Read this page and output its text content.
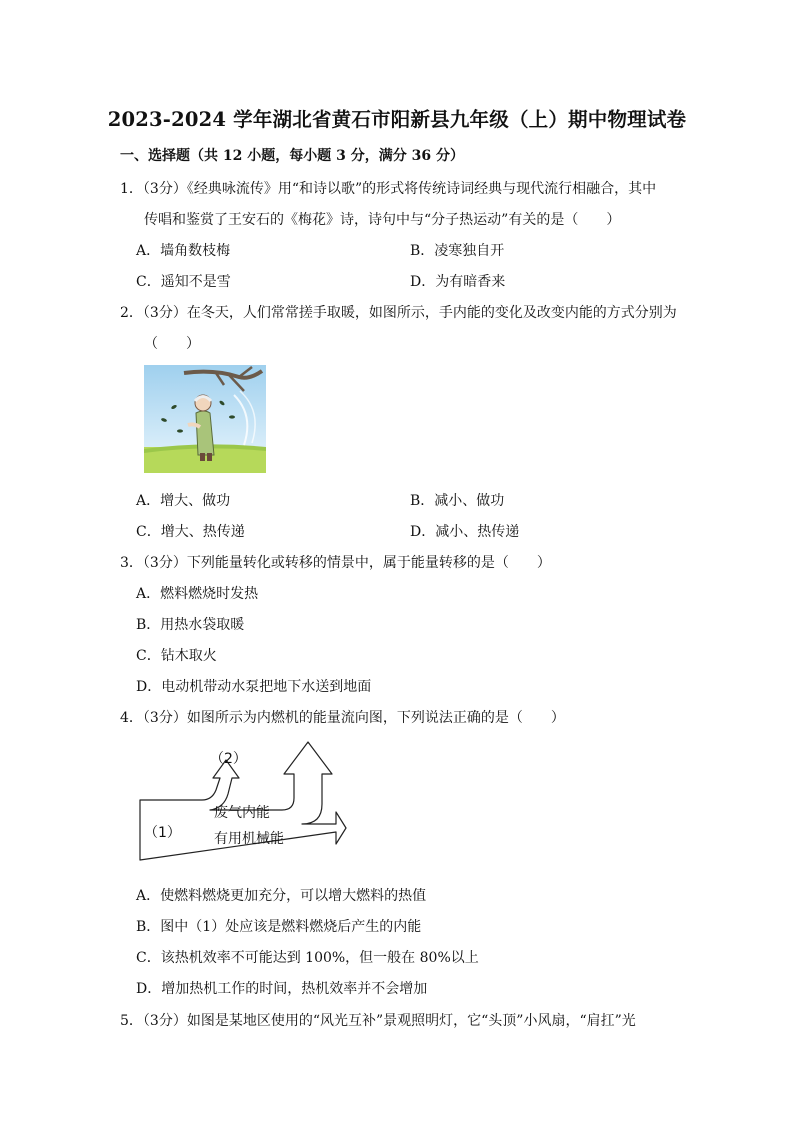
2023-2024 学年湖北省黄石市阳新县九年级（上）期中物理试卷
一、选择题（共 12 小题，每小题 3 分，满分 36 分）
1．（3分）《经典咏流传》用“和诗以歌”的形式将传统诗词经典与现代流行相融合，其中
传唱和鉴赏了王安石的《梅花》诗，诗句中与“分子热运动”有关的是（　　）
A．墙角数枝梅	B．凌寒独自开
C．遥知不是雪	D．为有暗香来
2．（3分）在冬天，人们常常搓手取暖，如图所示，手内能的变化及改变内能的方式分别为
（　　）
A．增大、做功	B．减小、做功
C．增大、热传递	D．减小、热传递
3．（3分）下列能量转化或转移的情景中，属于能量转移的是（　　）
A．燃料燃烧时发热
B．用热水袋取暖
C．钻木取火
D．电动机带动水泵把地下水送到地面
4．（3分）如图所示为内燃机的能量流向图，下列说法正确的是（　　）
（2）
废气内能
（1） 有用机械能
A．使燃料燃烧更加充分，可以增大燃料的热值
B．图中（1）处应该是燃料燃烧后产生的内能
C．该热机效率不可能达到 100%，但一般在 80%以上
D．增加热机工作的时间，热机效率并不会增加
5．（3分）如图是某地区使用的“风光互补”景观照明灯，它“头顶”小风扇，“肩扛”光
